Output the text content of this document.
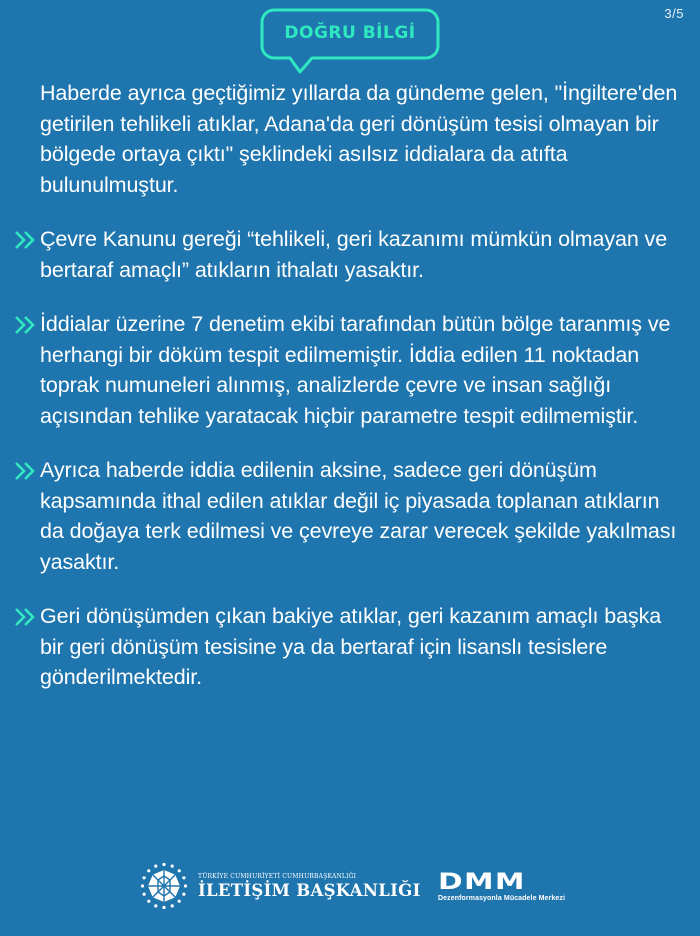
3/5
DOĞRU BİLGİ

Haberde ayrıca geçtiğimiz yıllarda da gündeme gelen, "İngiltere'den getirilen tehlikeli atıklar, Adana'da geri dönüşüm tesisi olmayan bir bölgede ortaya çıktı" şeklindeki asılsız iddialara da atıfta bulunulmuştur.

Çevre Kanunu gereği “tehlikeli, geri kazanımı mümkün olmayan ve bertaraf amaçlı” atıkların ithalatı yasaktır.

İddialar üzerine 7 denetim ekibi tarafından bütün bölge taranmış ve herhangi bir döküm tespit edilmemiştir. İddia edilen 11 noktadan toprak numuneleri alınmış, analizlerde çevre ve insan sağlığı açısından tehlike yaratacak hiçbir parametre tespit edilmemiştir.

Ayrıca haberde iddia edilenin aksine, sadece geri dönüşüm kapsamında ithal edilen atıklar değil iç piyasada toplanan atıkların da doğaya terk edilmesi ve çevreye zarar verecek şekilde yakılması yasaktır.

Geri dönüşümden çıkan bakiye atıklar, geri kazanım amaçlı başka bir geri dönüşüm tesisine ya da bertaraf için lisanslı tesislere gönderilmektedir.

TÜRKİYE CUMHURİYETİ CUMHURBAŞKANLIĞI
İLETİŞİM BAŞKANLIĞI DMM
Dezenformasyonla Mücadele Merkezi
